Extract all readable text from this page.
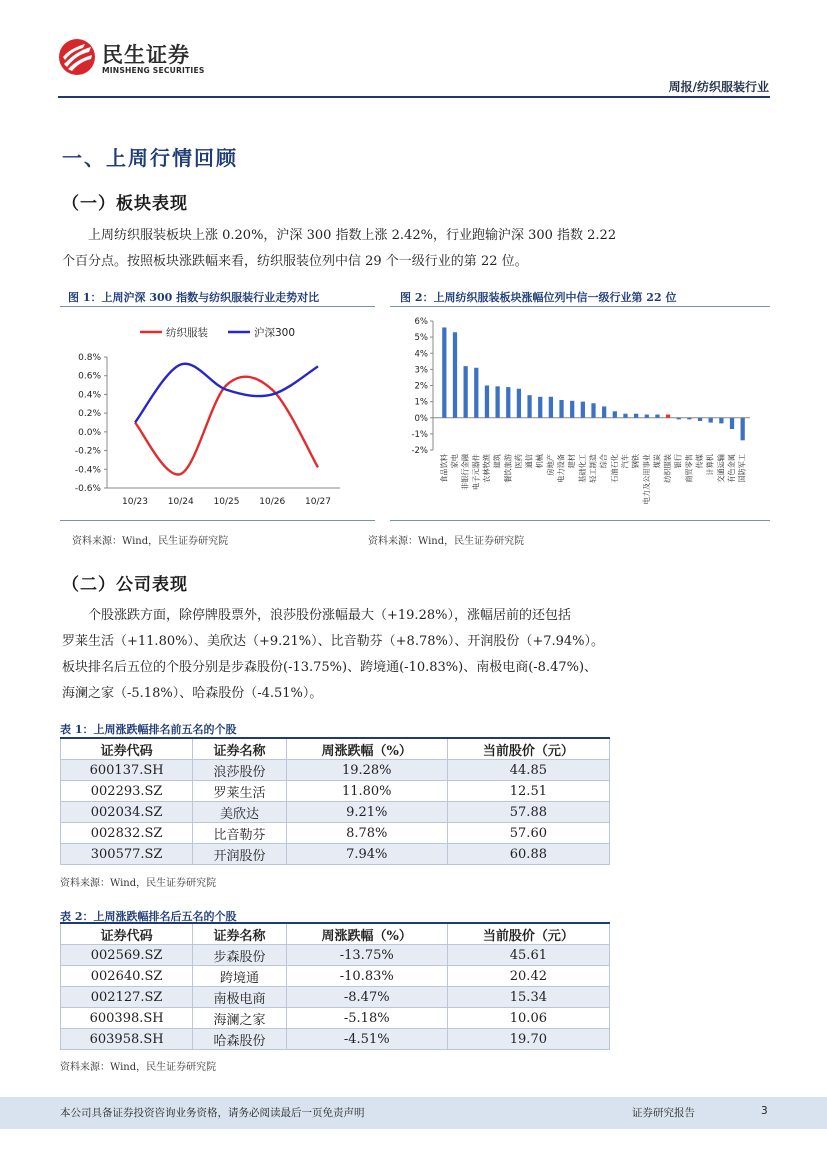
民生证券
MINSHENG SECURITIES
周报/纺织服装行业
一、上周行情回顾
（一）板块表现

上周纺织服装板块上涨 0.20%，沪深 300 指数上涨 2.42%，行业跑输沪深 300 指数 2.22

个百分点。按照板块涨跌幅来看，纺织服装位列中信 29 个一级行业的第 22 位。

图 1：上周沪深 300 指数与纺织服装行业走势对比	图 2：上周纺织服装板块涨幅位列中信一级行业第 22 位
0.8%
0.6%
0.4%
0.2%
0.0%
-0.2%
-0.4%
-0.6%
10/23 10/24 10/25 10/26 10/27
纺织服装	沪深300
6%
5%
4%
3%
2%
1%
0%
-1%
-2%
食品饮料 家电 非银行金融 电子元器件 农林牧渔 建筑 餐饮旅游 医药 通信 机械 房地产 电力设备 建材 基础化工 轻工制造 综合 石油石化 汽车 钢铁 电力及公用事业 煤炭 纺织服装 银行 商贸零售 传媒 计算机 交通运输 有色金属 国防军工
资料来源：Wind，民生证券研究院	资料来源：Wind，民生证券研究院
（二）公司表现

个股涨跌方面，除停牌股票外，浪莎股份涨幅最大（+19.28%），涨幅居前的还包括

罗莱生活（+11.80%）、美欣达（+9.21%）、比音勒芬（+8.78%）、开润股份（+7.94%）。

板块排名后五位的个股分别是步森股份(-13.75%)、跨境通(-10.83%)、南极电商(-8.47%)、

海澜之家（-5.18%）、哈森股份（-4.51%）。

表 1：上周涨跌幅排名前五名的个股
证券代码	证券名称	周涨跌幅（%）	当前股价（元）
600137.SH	浪莎股份	19.28%	44.85
002293.SZ	罗莱生活	11.80%	12.51
002034.SZ	美欣达	9.21%	57.88
002832.SZ	比音勒芬	8.78%	57.60
300577.SZ	开润股份	7.94%	60.88
资料来源：Wind，民生证券研究院
表 2：上周涨跌幅排名后五名的个股
证券代码	证券名称	周涨跌幅（%）	当前股价（元）
002569.SZ	步森股份	-13.75%	45.61
002640.SZ	跨境通	-10.83%	20.42
002127.SZ	南极电商	-8.47%	15.34
600398.SH	海澜之家	-5.18%	10.06
603958.SH	哈森股份	-4.51%	19.70
资料来源：Wind，民生证券研究院
本公司具备证券投资咨询业务资格，请务必阅读最后一页免责声明	证券研究报告	3
